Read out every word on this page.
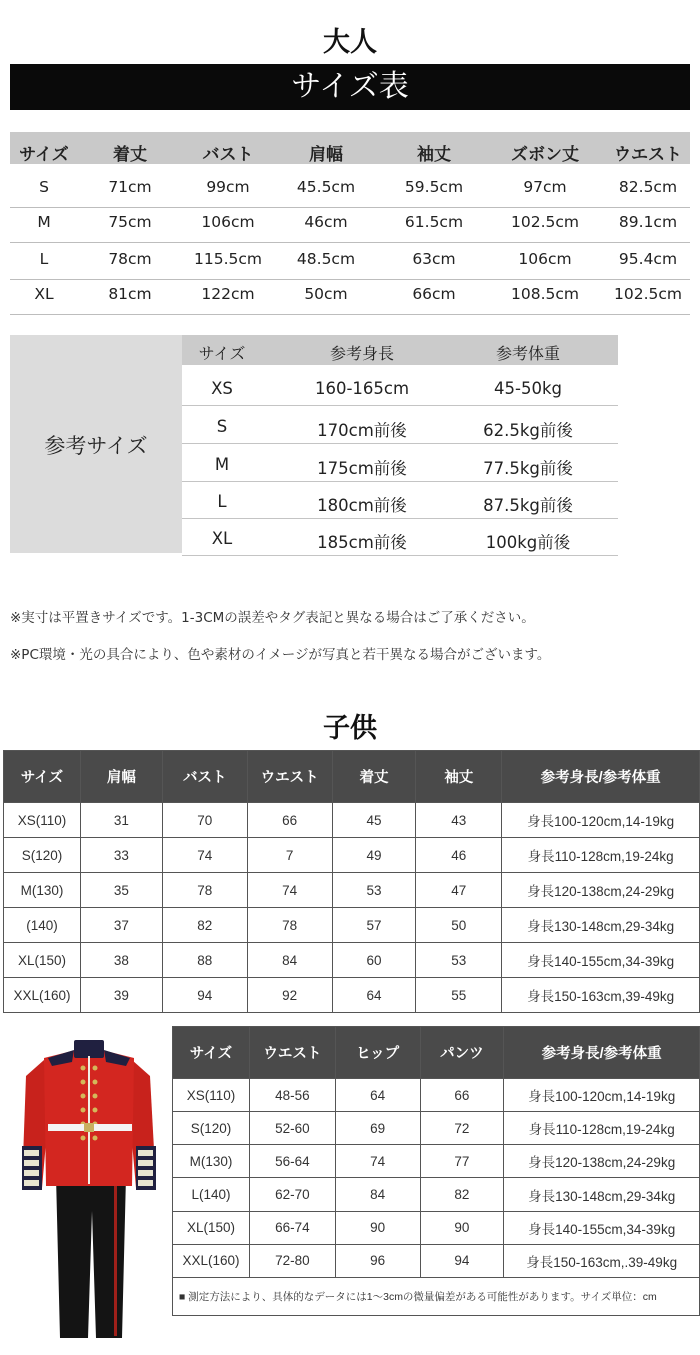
大人
サイズ表
サイズ	着丈	バスト	肩幅	袖丈	ズボン丈	ウエスト
S	71cm	99cm	45.5cm	59.5cm	97cm	82.5cm
M	75cm	106cm	46cm	61.5cm	102.5cm	89.1cm
L	78cm	115.5cm	48.5cm	63cm	106cm	95.4cm
XL	81cm	122cm	50cm	66cm	108.5cm	102.5cm
参考サイズ
サイズ	参考身長	参考体重
XS	160-165cm	45-50kg
S	170cm前後	62.5kg前後
M	175cm前後	77.5kg前後
L	180cm前後	87.5kg前後
XL	185cm前後	100kg前後
※実寸は平置きサイズです。1-3CMの誤差やタグ表記と異なる場合はご了承ください。
※PC環境・光の具合により、色や素材のイメージが写真と若干異なる場合がございます。
子供
サイズ	肩幅	バスト	ウエスト	着丈	袖丈	参考身長/参考体重
XS(110)	31	70	66	45	43	身長100-120cm,14-19kg
S(120)	33	74	7	49	46	身長110-128cm,19-24kg
M(130)	35	78	74	53	47	身長120-138cm,24-29kg
(140)	37	82	78	57	50	身長130-148cm,29-34kg
XL(150)	38	88	84	60	53	身長140-155cm,34-39kg
XXL(160)	39	94	92	64	55	身長150-163cm,39-49kg
サイズ	ウエスト	ヒップ	パンツ	参考身長/参考体重
XS(110)	48-56	64	66	身長100-120cm,14-19kg
S(120)	52-60	69	72	身長110-128cm,19-24kg
M(130)	56-64	74	77	身長120-138cm,24-29kg
L(140)	62-70	84	82	身長130-148cm,29-34kg
XL(150)	66-74	90	90	身長140-155cm,34-39kg
XXL(160)	72-80	96	94	身長150-163cm,.39-49kg
■ 測定方法により、具体的なデータには1〜3cmの微量偏差がある可能性があります。サイズ単位：cm				
